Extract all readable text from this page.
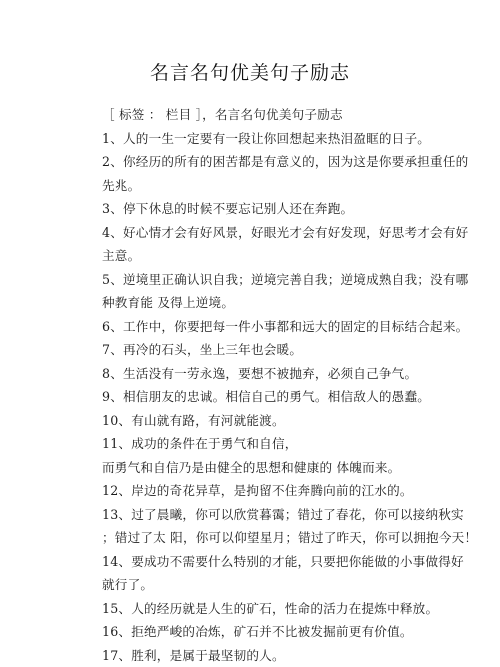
名言名句优美句子励志
［ 标签 ： 栏目 ］，名言名句优美句子励志
1、人的一生一定要有一段让你回想起来热泪盈眶的日子。
2、你经历的所有的困苦都是有意义的，因为这是你要承担重任的
先兆。
3、停下休息的时候不要忘记别人还在奔跑。
4、好心情才会有好风景，好眼光才会有好发现，好思考才会有好
主意。
5、逆境里正确认识自我；逆境完善自我；逆境成熟自我；没有哪
种教育能 及得上逆境。
6、工作中，你要把每一件小事都和远大的固定的目标结合起来。
7、再冷的石头，坐上三年也会暖。
8、生活没有一劳永逸，要想不被抛弃，必须自己争气。
9、相信朋友的忠诚。相信自己的勇气。相信敌人的愚蠢。
10、有山就有路，有河就能渡。
11、成功的条件在于勇气和自信，
而勇气和自信乃是由健全的思想和健康的 体魄而来。
12、岸边的奇花异草，是拘留不住奔腾向前的江水的。
13、过了晨曦，你可以欣赏暮霭；错过了春花，你可以接纳秋实
；错过了太 阳，你可以仰望星月；错过了昨天，你可以拥抱今天！
14、要成功不需要什么特别的才能，只要把你能做的小事做得好
就行了。
15、人的经历就是人生的矿石，性命的活力在提炼中释放。
16、拒绝严峻的冶炼，矿石并不比被发掘前更有价值。
17、胜利，是属于最坚韧的人。
